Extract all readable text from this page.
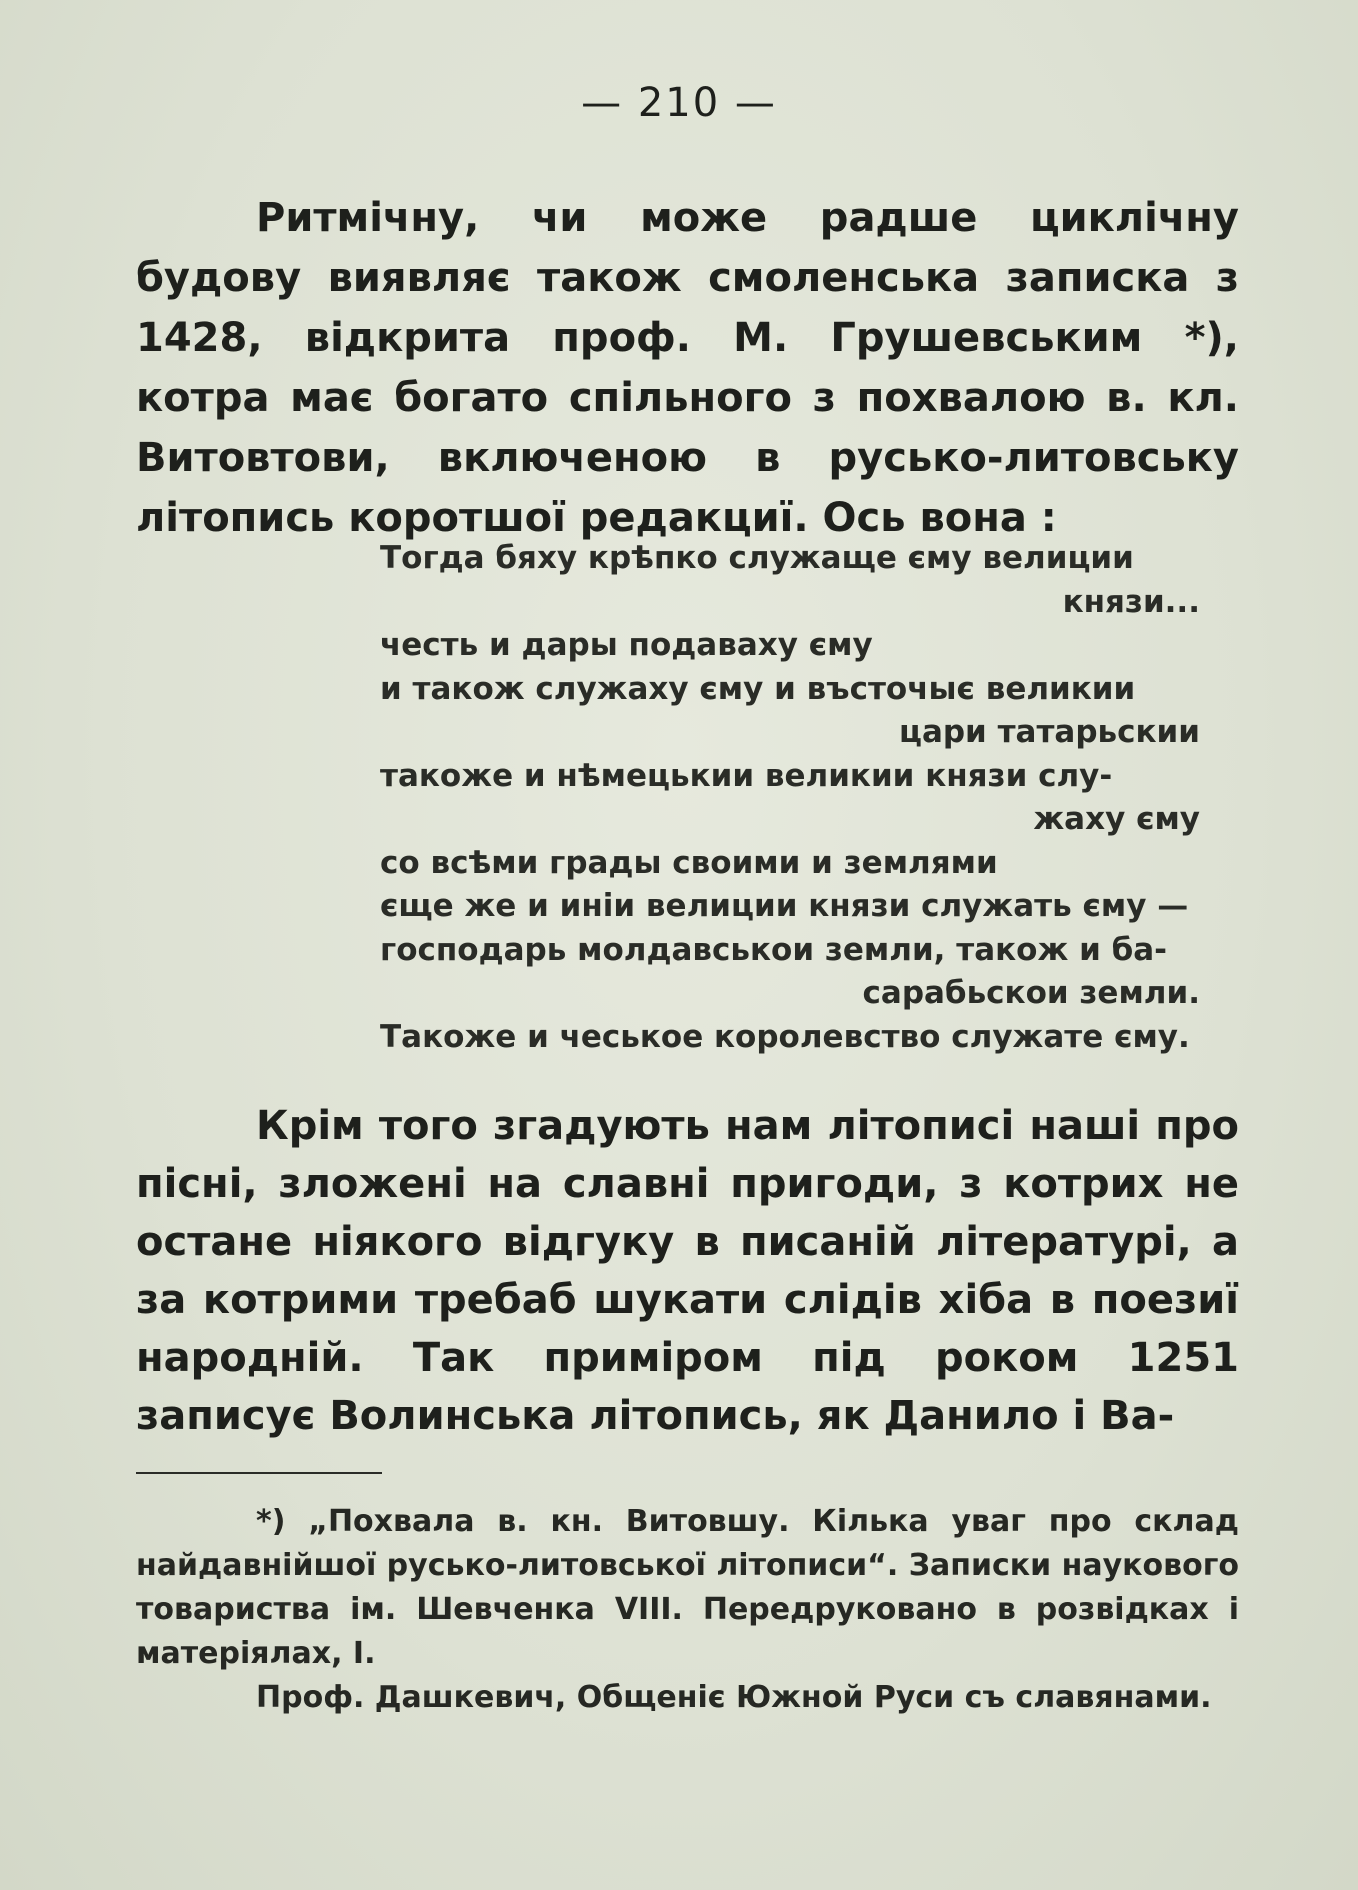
— 210 —

Ритмічну, чи може радше циклічну будову виявляє також смоленська записка з 1428, відкрита проф. М. Грушевським *), котра має богато спільного з похвалою в. кл. Витовтови, включеною в русько-литовську літопись коротшої редакциї. Ось вона :

Тогда бяху крѣпко служаще єму велиции
князи...
честь и дары подаваху єму
и також служаху єму и въсточыє великии
цари татарьскии
такоже и нѣмецькии великии князи слу-
жаху єму
со всѣми грады своими и землями
єще же и иніи велиции князи служать єму —
господарь молдавськои земли, також и ба-
сарабьскои земли.
Такоже и чеськое королевство служате єму.

Крім того згадують нам літописі наші про пісні, зложені на славні пригоди, з котрих не остане ніякого відгуку в писаній літературі, а за котрими требаб шукати слідів хіба в поезиї народній. Так приміром під роком 1251 записує Волинська літопись, як Данило і Ва-

*) „Похвала в. кн. Витовшу. Кілька уваг про склад найдавнійшої русько-литовської літописи“. Записки наукового товариства ім. Шевченка VIII. Передруковано в розвідках і матеріялах, І.

Проф. Дашкевич, Общеніє Южной Руси съ славянами.
